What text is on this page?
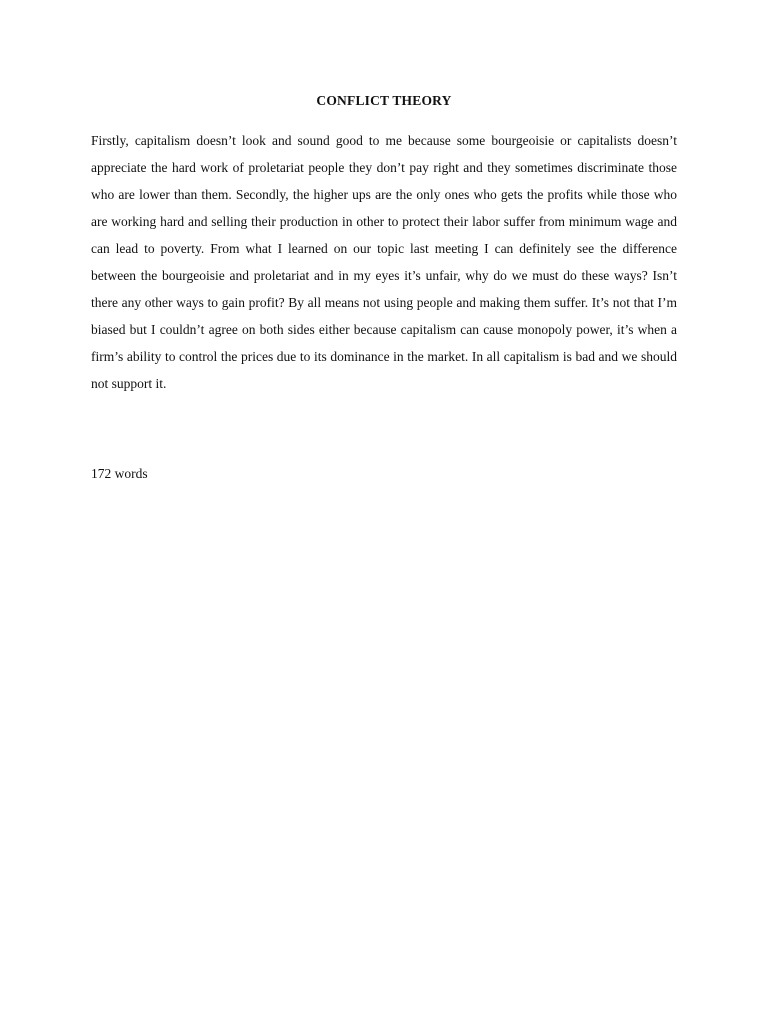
CONFLICT THEORY

Firstly, capitalism doesn’t look and sound good to me because some bourgeoisie or capitalists doesn’t appreciate the hard work of proletariat people they don’t pay right and they sometimes discriminate those who are lower than them. Secondly, the higher ups are the only ones who gets the profits while those who are working hard and selling their production in other to protect their labor suffer from minimum wage and can lead to poverty. From what I learned on our topic last meeting I can definitely see the difference between the bourgeoisie and proletariat and in my eyes it’s unfair, why do we must do these ways? Isn’t there any other ways to gain profit? By all means not using people and making them suffer. It’s not that I’m biased but I couldn’t agree on both sides either because capitalism can cause monopoly power, it’s when a firm’s ability to control the prices due to its dominance in the market. In all capitalism is bad and we should not support it.

172 words
